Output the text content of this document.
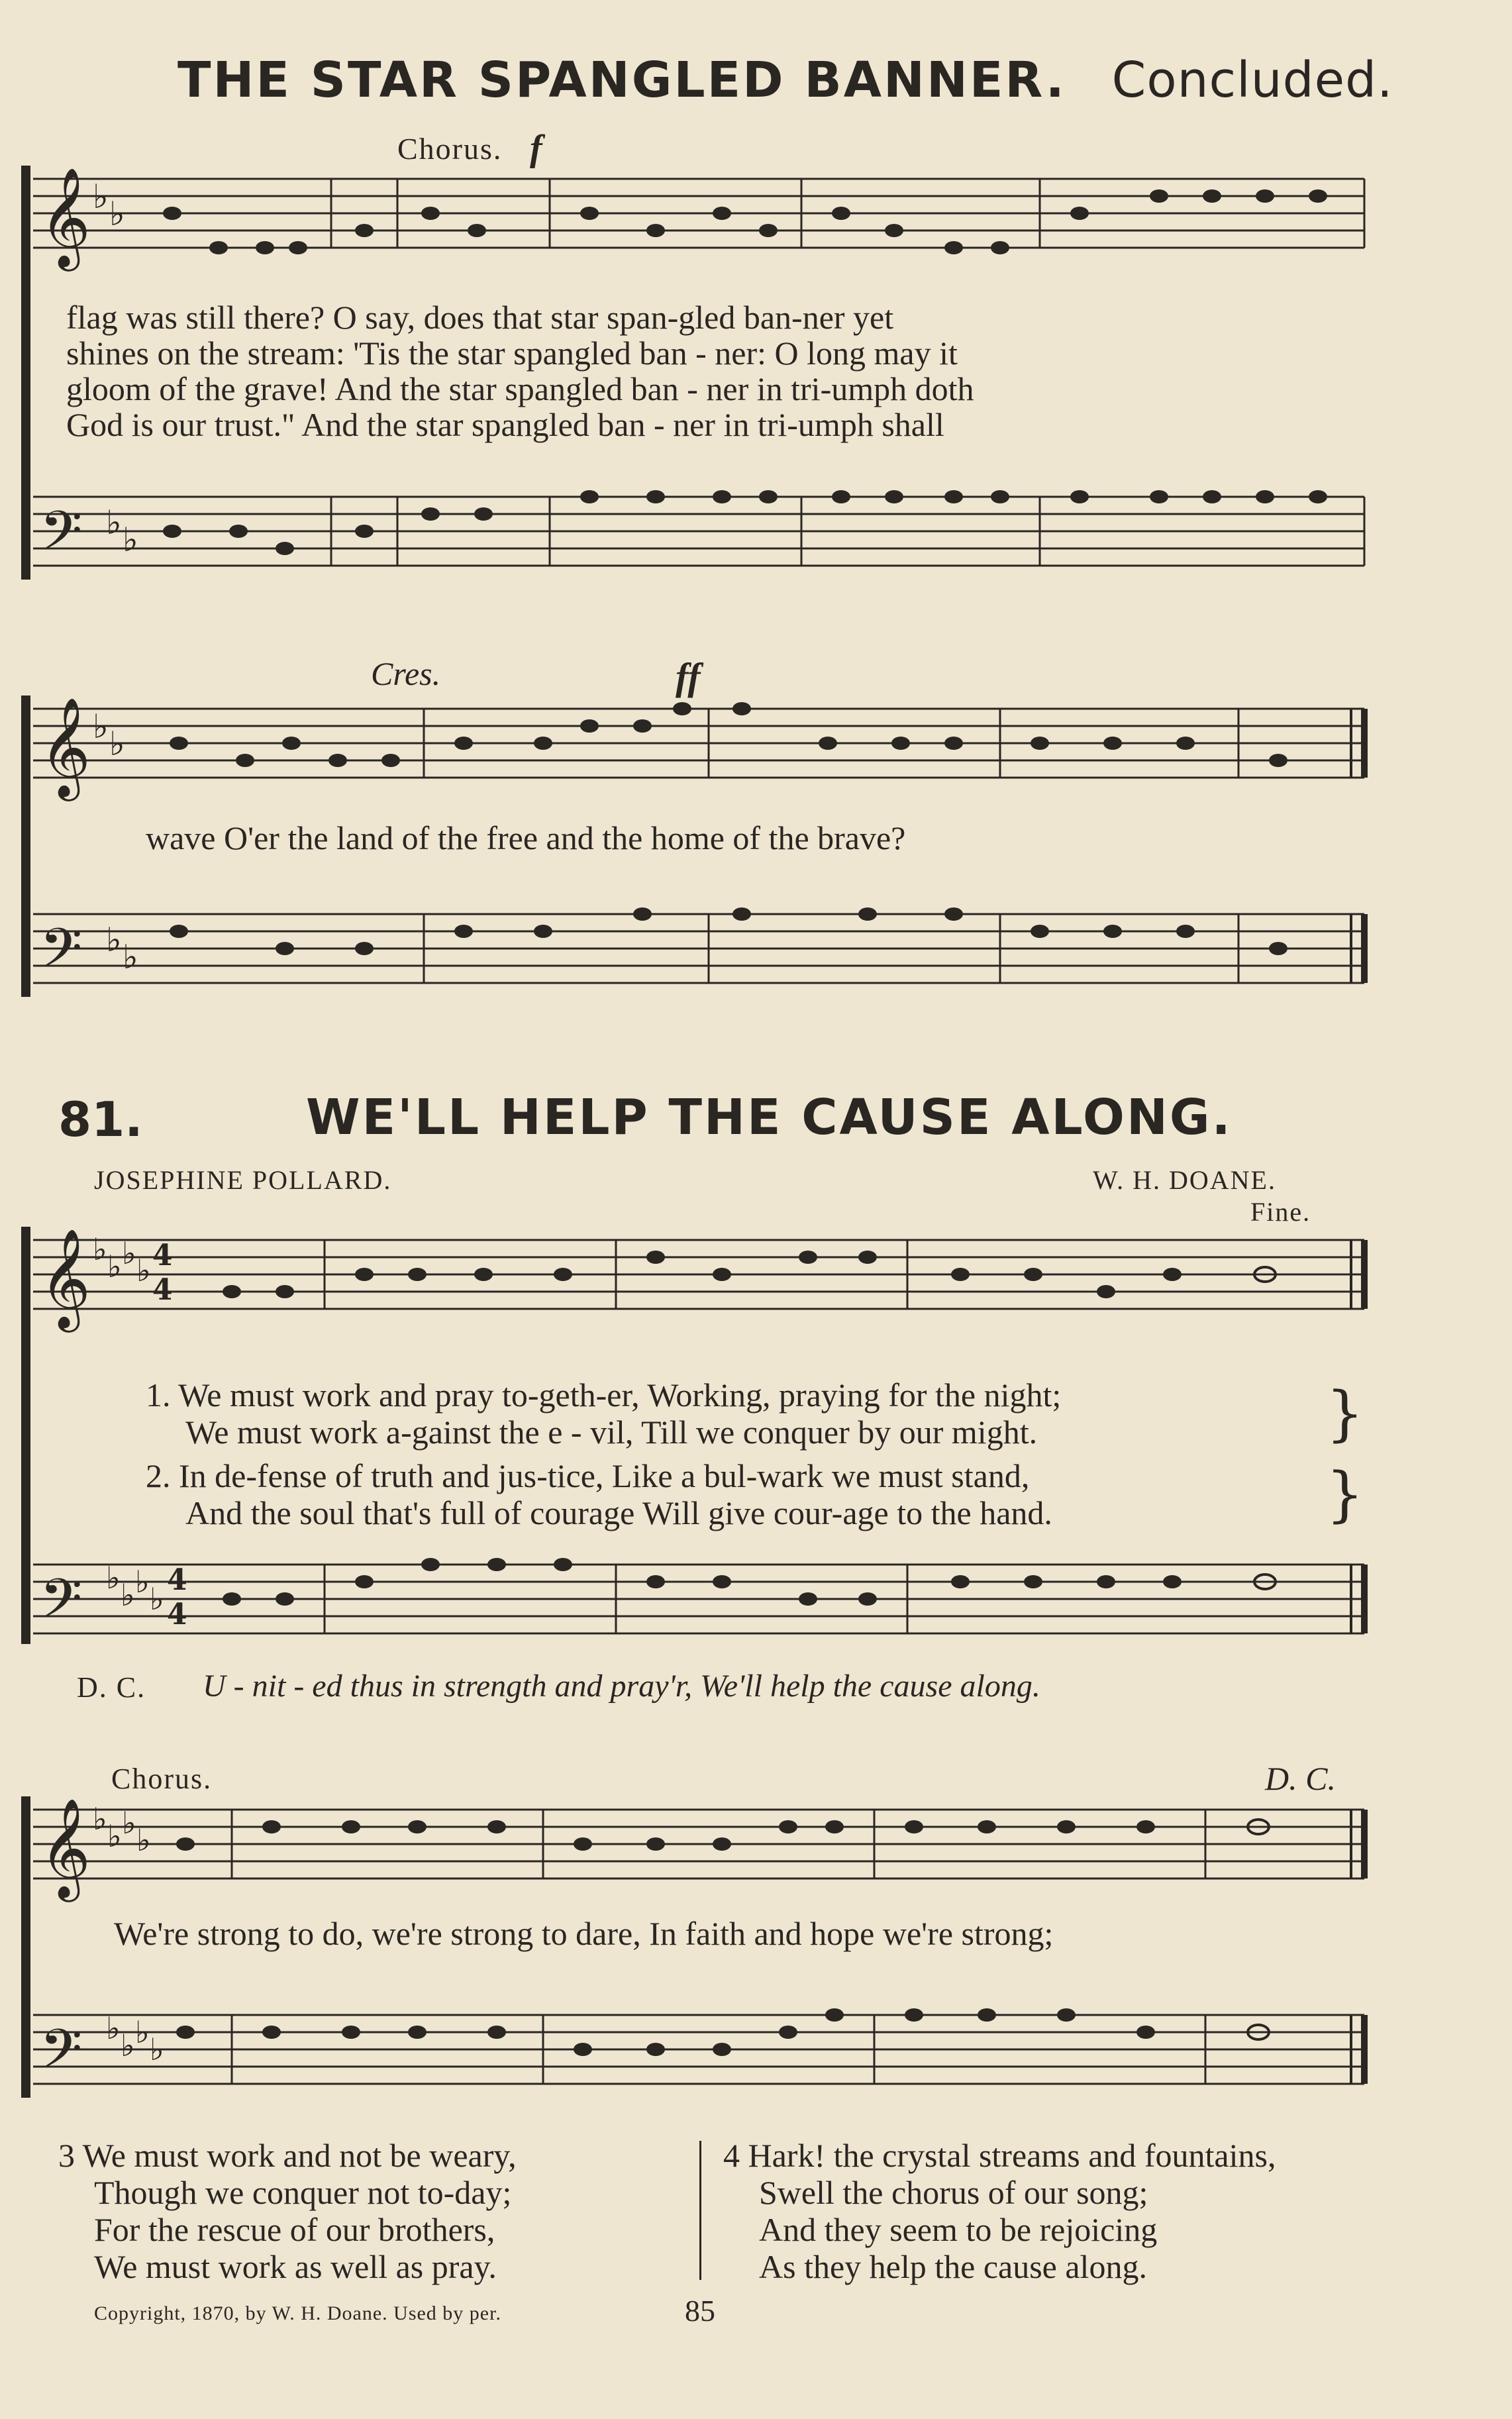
THE STAR SPANGLED BANNER. Concluded.
Chorus. f
𝄞
𝄢
♭ ♭
♭ ♭
flag was still there? O say, does that star span-gled ban-ner yet
shines on the stream: 'Tis the star spangled ban - ner: O long may it
gloom of the grave! And the star spangled ban - ner in tri-umph doth
God is our trust." And the star spangled ban - ner in tri-umph shall
Cres.	ff
𝄞
𝄢
♭ ♭
♭ ♭
wave O'er the land of the free and the home of the brave?
81.	WE'LL HELP THE CAUSE ALONG.
JOSEPHINE POLLARD.	W. H. DOANE.
Fine.
𝄞
𝄢
♭ ♭ ♭ ♭ 4
4
♭ ♭ ♭ ♭
4
4
1. We must work and pray to-geth-er, Working, praying for the night;
We must work a-gainst the e - vil, Till we conquer by our might.
2. In de-fense of truth and jus-tice, Like a bul-wark we must stand,
And the soul that's full of courage Will give cour-age to the hand.
}
}
D. C. U - nit - ed thus in strength and pray'r, We'll help the cause along.
Chorus.	D. C.
𝄞
𝄢
♭ ♭ ♭ ♭
♭ ♭ ♭ ♭
We're strong to do, we're strong to dare, In faith and hope we're strong;
3 We must work and not be weary,
Though we conquer not to-day;
For the rescue of our brothers,
We must work as well as pray.
4 Hark! the crystal streams and fountains,
Swell the chorus of our song;
And they seem to be rejoicing
As they help the cause along.
Copyright, 1870, by W. H. Doane. Used by per.	85
